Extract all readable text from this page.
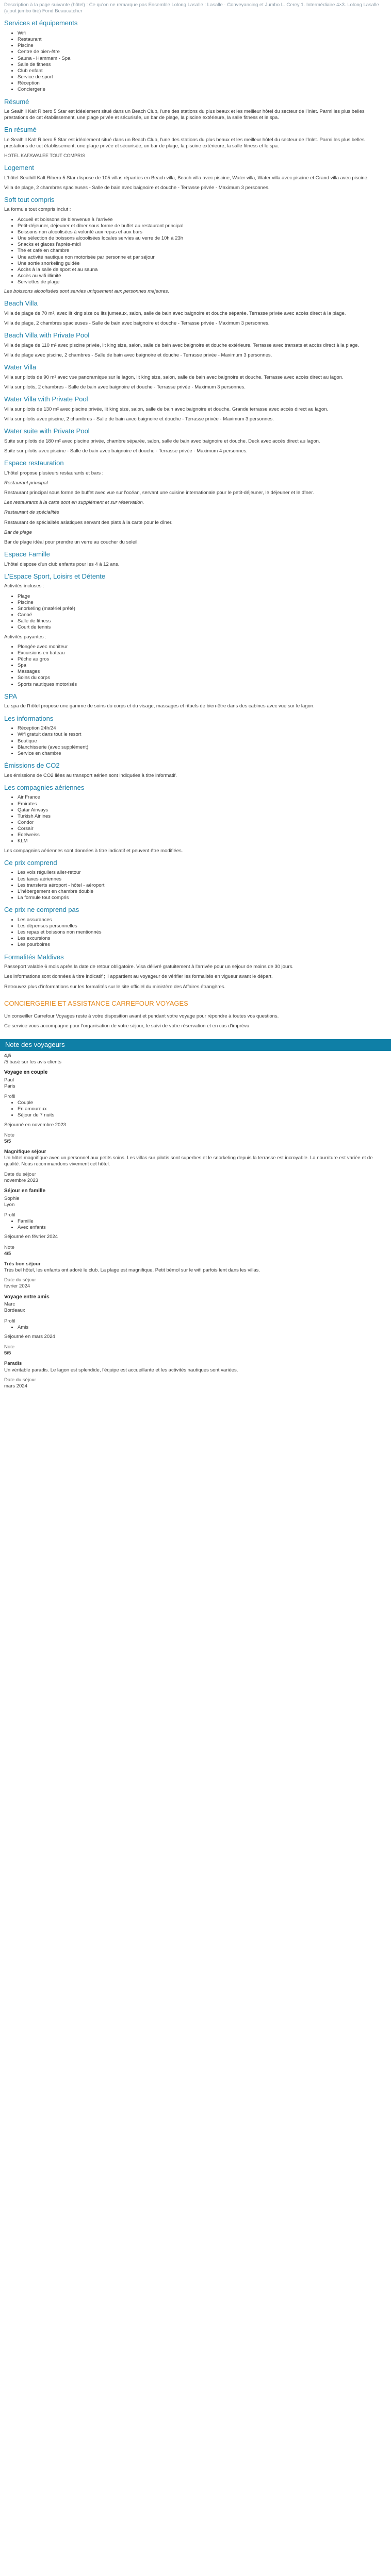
Description à la page suivante (hôtel) : Ce qu'on ne remarque pas Ensemble Lolong Lasalle : Lasalle · Conveyancing et Jumbo L. Cerey 1. Intermédiaire 4×3. Lolong Lasalle (ajout jumbo tiré) Fond Beaucatcher

Services et équipements
• Wifi
• Restaurant
• Piscine
• Centre de bien-être
• Sauna - Hammam - Spa
• Salle de fitness
• Club enfant
• Service de sport
• Réception
• Conciergerie
Résumé

Le Sealhill Kalt Ribero 5 Star est idéalement situé dans un Beach Club, l'une des stations du plus beaux et les meilleur hôtel du secteur de l'Inlet. Parmi les plus belles prestations de cet établissement, une plage privée et sécurisée, un bar de plage, la piscine extérieure, la salle fitness et le spa.

En résumé

Le Sealhill Kalt Ribero 5 Star est idéalement situé dans un Beach Club, l'une des stations du plus beaux et les meilleur hôtel du secteur de l'Inlet. Parmi les plus belles prestations de cet établissement, une plage privée et sécurisée, un bar de plage, la piscine extérieure, la salle fitness et le spa.

HOTEL KAFAWALEE TOUT COMPRIS

Logement

L'hôtel Sealhill Kalt Ribero 5 Star dispose de 105 villas réparties en Beach villa, Beach villa avec piscine, Water villa, Water villa avec piscine et Grand villa avec piscine.

Villa de plage, 2 chambres spacieuses - Salle de bain avec baignoire et douche - Terrasse privée - Maximum 3 personnes.

Soft tout compris

La formule tout compris inclut :

• Accueil et boissons de bienvenue à l'arrivée
• Petit-déjeuner, déjeuner et dîner sous forme de buffet au restaurant principal
• Boissons non alcoolisées à volonté aux repas et aux bars
• Une sélection de boissons alcoolisées locales servies au verre de 10h à 23h
• Snacks et glaces l'après-midi
• Thé et café en chambre
• Une activité nautique non motorisée par personne et par séjour
• Une sortie snorkeling guidée
• Accès à la salle de sport et au sauna
• Accès au wifi illimité
• Serviettes de plage

Les boissons alcoolisées sont servies uniquement aux personnes majeures.

Beach Villa

Villa de plage de 70 m², avec lit king size ou lits jumeaux, salon, salle de bain avec baignoire et douche séparée. Terrasse privée avec accès direct à la plage.

Villa de plage, 2 chambres spacieuses - Salle de bain avec baignoire et douche - Terrasse privée - Maximum 3 personnes.

Beach Villa with Private Pool

Villa de plage de 110 m² avec piscine privée, lit king size, salon, salle de bain avec baignoire et douche extérieure. Terrasse avec transats et accès direct à la plage.

Villa de plage avec piscine, 2 chambres - Salle de bain avec baignoire et douche - Terrasse privée - Maximum 3 personnes.

Water Villa

Villa sur pilotis de 90 m² avec vue panoramique sur le lagon, lit king size, salon, salle de bain avec baignoire et douche. Terrasse avec accès direct au lagon.

Villa sur pilotis, 2 chambres - Salle de bain avec baignoire et douche - Terrasse privée - Maximum 3 personnes.

Water Villa with Private Pool

Villa sur pilotis de 130 m² avec piscine privée, lit king size, salon, salle de bain avec baignoire et douche. Grande terrasse avec accès direct au lagon.

Villa sur pilotis avec piscine, 2 chambres - Salle de bain avec baignoire et douche - Terrasse privée - Maximum 3 personnes.

Water suite with Private Pool

Suite sur pilotis de 180 m² avec piscine privée, chambre séparée, salon, salle de bain avec baignoire et douche. Deck avec accès direct au lagon.

Suite sur pilotis avec piscine - Salle de bain avec baignoire et douche - Terrasse privée - Maximum 4 personnes.

Espace restauration

L'hôtel propose plusieurs restaurants et bars :

Restaurant principal

Restaurant principal sous forme de buffet avec vue sur l'océan, servant une cuisine internationale pour le petit-déjeuner, le déjeuner et le dîner.

Les restaurants à la carte sont en supplément et sur réservation.

Restaurant de spécialités

Restaurant de spécialités asiatiques servant des plats à la carte pour le dîner.

Bar de plage

Bar de plage idéal pour prendre un verre au coucher du soleil.

Espace Famille

L'hôtel dispose d'un club enfants pour les 4 à 12 ans.

L'Espace Sport, Loisirs et Détente

Activités incluses :

• Plage
• Piscine
• Snorkeling (matériel prêté)
• Canoë
• Salle de fitness
• Court de tennis

Activités payantes :

• Plongée avec moniteur
• Excursions en bateau
• Pêche au gros
• Spa
• Massages
• Soins du corps
• Sports nautiques motorisés
SPA

Le spa de l'hôtel propose une gamme de soins du corps et du visage, massages et rituels de bien-être dans des cabines avec vue sur le lagon.

Les informations
• Réception 24h/24
• Wifi gratuit dans tout le resort
• Boutique
• Blanchisserie (avec supplément)
• Service en chambre
Émissions de CO2

Les émissions de CO2 liées au transport aérien sont indiquées à titre informatif.

Les compagnies aériennes
• Air France
• Emirates
• Qatar Airways
• Turkish Airlines
• Condor
• Corsair
• Edelweiss
• KLM

Les compagnies aériennes sont données à titre indicatif et peuvent être modifiées.

Ce prix comprend
• Les vols réguliers aller-retour
• Les taxes aériennes
• Les transferts aéroport - hôtel - aéroport
• L'hébergement en chambre double
• La formule tout compris
Ce prix ne comprend pas
• Les assurances
• Les dépenses personnelles
• Les repas et boissons non mentionnés
• Les excursions
• Les pourboires
Formalités Maldives

Passeport valable 6 mois après la date de retour obligatoire. Visa délivré gratuitement à l'arrivée pour un séjour de moins de 30 jours.

Les informations sont données à titre indicatif ; il appartient au voyageur de vérifier les formalités en vigueur avant le départ.

Retrouvez plus d'informations sur les formalités sur le site officiel du ministère des Affaires étrangères.

CONCIERGERIE ET ASSISTANCE CARREFOUR VOYAGES

Un conseiller Carrefour Voyages reste à votre disposition avant et pendant votre voyage pour répondre à toutes vos questions.

Ce service vous accompagne pour l'organisation de votre séjour, le suivi de votre réservation et en cas d'imprévu.

Note des voyageurs
4,5
/5 basé sur les avis clients
Voyage en couple
Paul
Paris
Profil
• Couple
• En amoureux
• Séjour de 7 nuits
Séjourné en novembre 2023
Note
5/5
Magnifique séjour

Un hôtel magnifique avec un personnel aux petits soins. Les villas sur pilotis sont superbes et le snorkeling depuis la terrasse est incroyable. La nourriture est variée et de qualité. Nous recommandons vivement cet hôtel.

Date du séjour
novembre 2023
Séjour en famille
Sophie
Lyon
Profil
• Famille
• Avec enfants
Séjourné en février 2024
Note
4/5
Très bon séjour

Très bel hôtel, les enfants ont adoré le club. La plage est magnifique. Petit bémol sur le wifi parfois lent dans les villas.

Date du séjour
février 2024
Voyage entre amis
Marc
Bordeaux
Profil
• Amis
Séjourné en mars 2024
Note
5/5
Paradis

Un véritable paradis. Le lagon est splendide, l'équipe est accueillante et les activités nautiques sont variées.

Date du séjour
mars 2024
